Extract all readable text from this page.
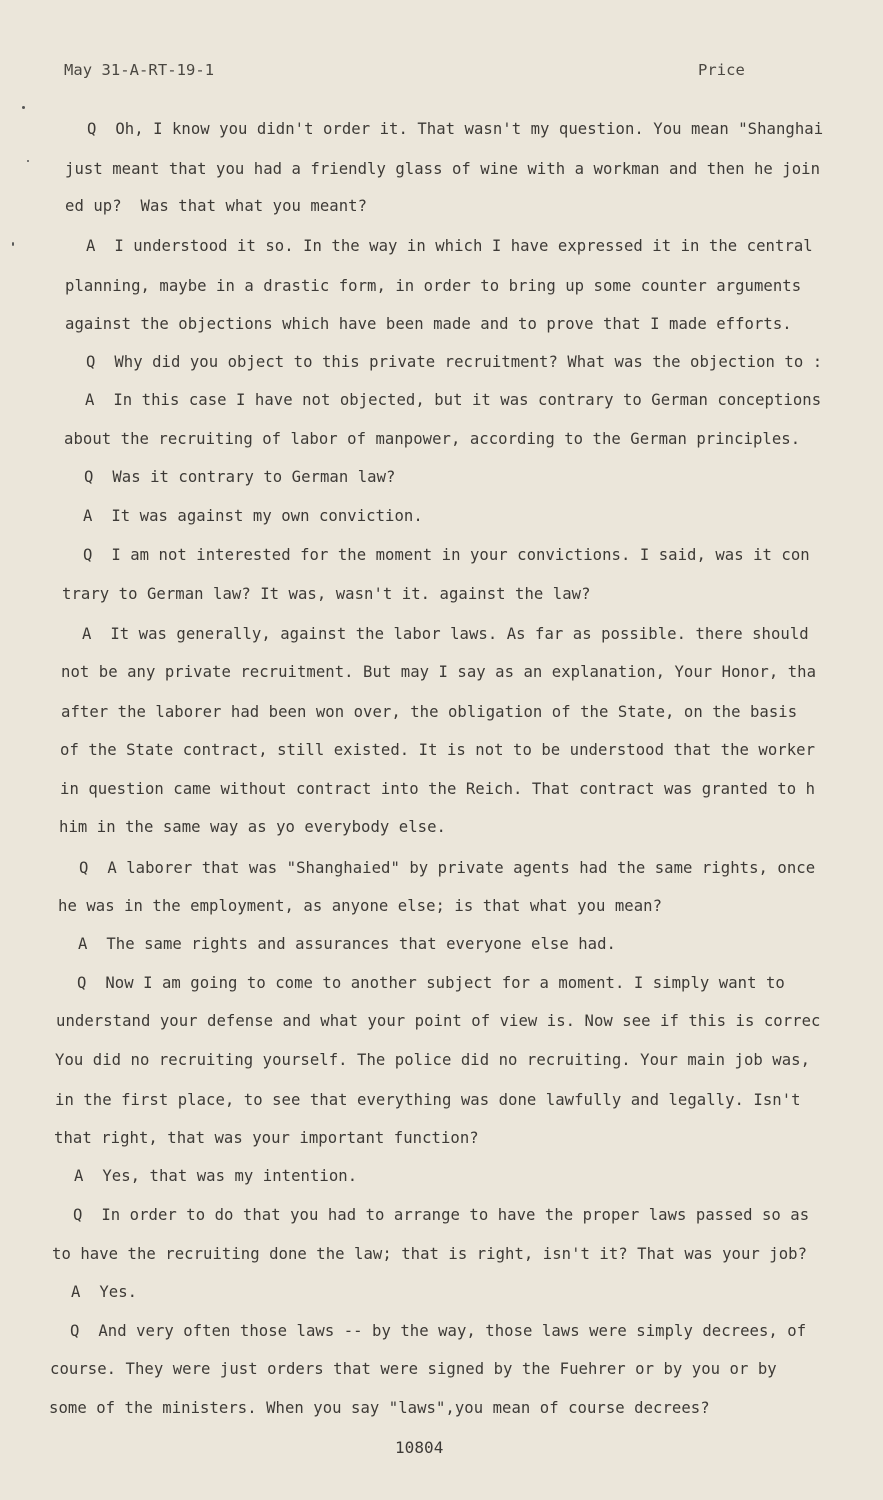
May 31-A-RT-19-1	Price
Q  Oh, I know you didn't order it. That wasn't my question. You mean "Shanghai
just meant that you had a friendly glass of wine with a workman and then he join
ed up?  Was that what you meant?
A  I understood it so. In the way in which I have expressed it in the central
planning, maybe in a drastic form, in order to bring up some counter arguments
against the objections which have been made and to prove that I made efforts.
Q  Why did you object to this private recruitment? What was the objection to :
A  In this case I have not objected, but it was contrary to German conceptions
about the recruiting of labor of manpower, according to the German principles.
Q  Was it contrary to German law?
A  It was against my own conviction.
Q  I am not interested for the moment in your convictions. I said, was it con
trary to German law? It was, wasn't it. against the law?
A  It was generally, against the labor laws. As far as possible. there should
not be any private recruitment. But may I say as an explanation, Your Honor, tha
after the laborer had been won over, the obligation of the State, on the basis
of the State contract, still existed. It is not to be understood that the worker
in question came without contract into the Reich. That contract was granted to h
him in the same way as yo everybody else.
Q  A laborer that was "Shanghaied" by private agents had the same rights, once
he was in the employment, as anyone else; is that what you mean?
A  The same rights and assurances that everyone else had.
Q  Now I am going to come to another subject for a moment. I simply want to
understand your defense and what your point of view is. Now see if this is correc
You did no recruiting yourself. The police did no recruiting. Your main job was,
in the first place, to see that everything was done lawfully and legally. Isn't
that right, that was your important function?
A  Yes, that was my intention.
Q  In order to do that you had to arrange to have the proper laws passed so as
to have the recruiting done the law; that is right, isn't it? That was your job?
A  Yes.
Q  And very often those laws -- by the way, those laws were simply decrees, of
course. They were just orders that were signed by the Fuehrer or by you or by
some of the ministers. When you say "laws",you mean of course decrees?
10804
